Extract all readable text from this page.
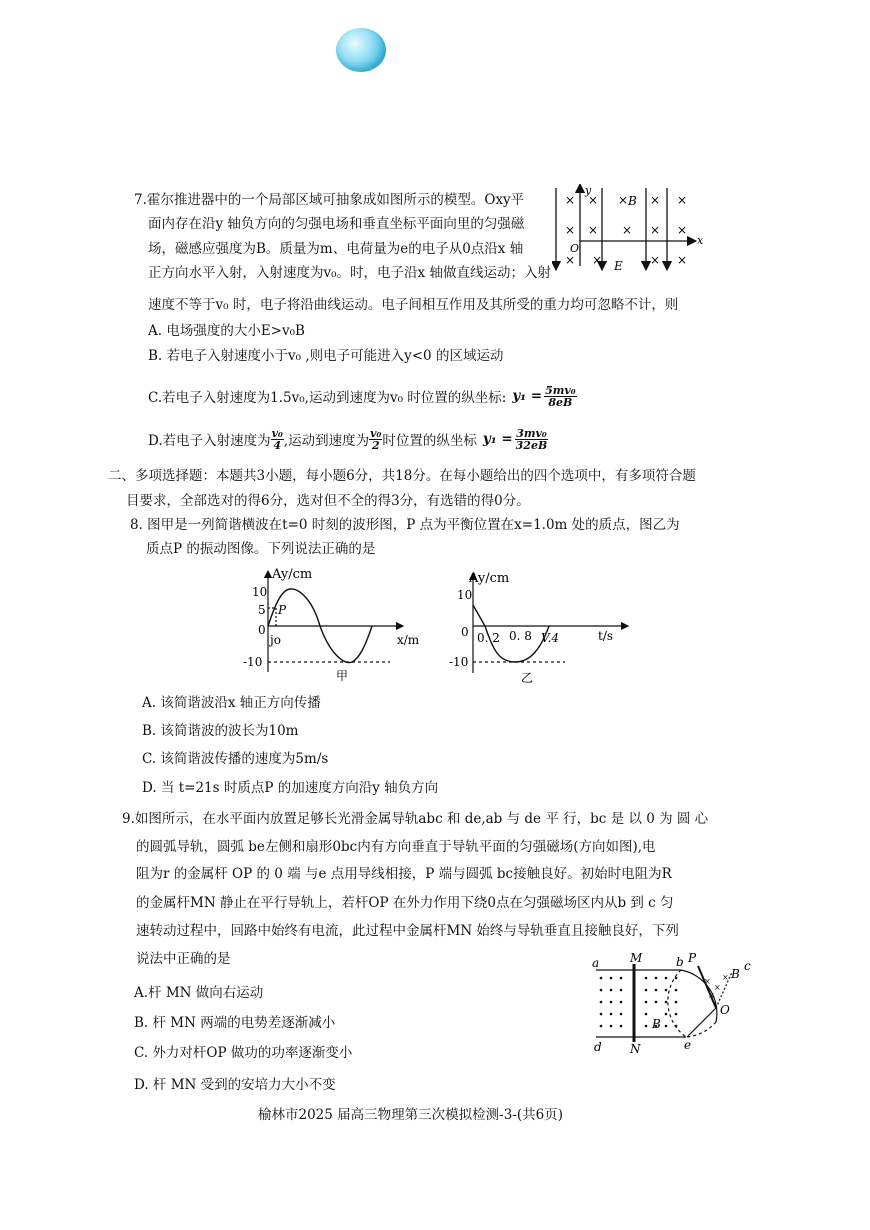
7.霍尔推进器中的一个局部区域可抽象成如图所示的模型。Oxy平
面内存在沿y 轴负方向的匀强电场和垂直坐标平面向里的匀强磁
场，磁感应强度为B。质量为m、电荷量为e的电子从0点沿x 轴
正方向水平入射，入射速度为v₀。时，电子沿x 轴做直线运动；入射
速度不等于v₀ 时，电子将沿曲线运动。电子间相互作用及其所受的重力均可忽略不计，则
× × × × ×
× × × × ×
× ×	× ×
y
x
O
B
E
A. 电场强度的大小E>v₀B
B. 若电子入射速度小于v₀ ,则电子可能进入y<0 的区域运动
C.若电子入射速度为1.5v₀,运动到速度为v₀ 时位置的纵坐标: $y_1 = \frac{\text{5mv₀}}{8eB}$
D.若电子入射速度为 $\frac{\text{v₀}}{4}$ ,运动到速度为 $\frac{\text{v₀}}{2}$ 时位置的纵坐标 $y_1 = \frac{\text{3mv₀}}{32eB}$
二、多项选择题：本题共3小题，每小题6分，共18分。在每小题给出的四个选项中，有多项符合题
目要求，全部选对的得6分，选对但不全的得3分，有选错的得0分。
8. 图甲是一列简谐横波在t=0 时刻的波形图，P 点为平衡位置在x=1.0m 处的质点，图乙为
质点P 的振动图像。下列说法正确的是
Ay/cm
10
5 P
0
jo
-10
x/m
甲
Ay/cm
10
0
-10
0. 2 0. 8 V.4	t/s
乙
A. 该简谐波沿x 轴正方向传播
B. 该简谐波的波长为10m
C. 该简谐波传播的速度为5m/s
D. 当 t=21s 时质点P 的加速度方向沿y 轴负方向
9.如图所示，在水平面内放置足够长光滑金属导轨abc 和 de,ab 与 de 平 行，bc 是 以 0 为 圆 心
的圆弧导轨，圆弧 be左侧和扇形0bc内有方向垂直于导轨平面的匀强磁场(方向如图),电
阻为r 的金属杆 OP 的 0 端 与e 点用导线相接，P 端与圆弧 bc接触良好。初始时电阻为R
的金属杆MN 静止在平行导轨上，若杆OP 在外力作用下绕0点在匀强磁场区内从b 到 c 匀
速转动过程中，回路中始终有电流，此过程中金属杆MN 始终与导轨垂直且接触良好，下列
说法中正确的是
×
×
×
×
a	M	b P
B
c
O
B
d N	e
A.杆 MN 做向右运动
B. 杆 MN 两端的电势差逐渐减小
C. 外力对杆OP 做功的功率逐渐变小
D. 杆 MN 受到的安培力大小不变
榆林市2025 届高三物理第三次模拟检测-3-(共6页)
